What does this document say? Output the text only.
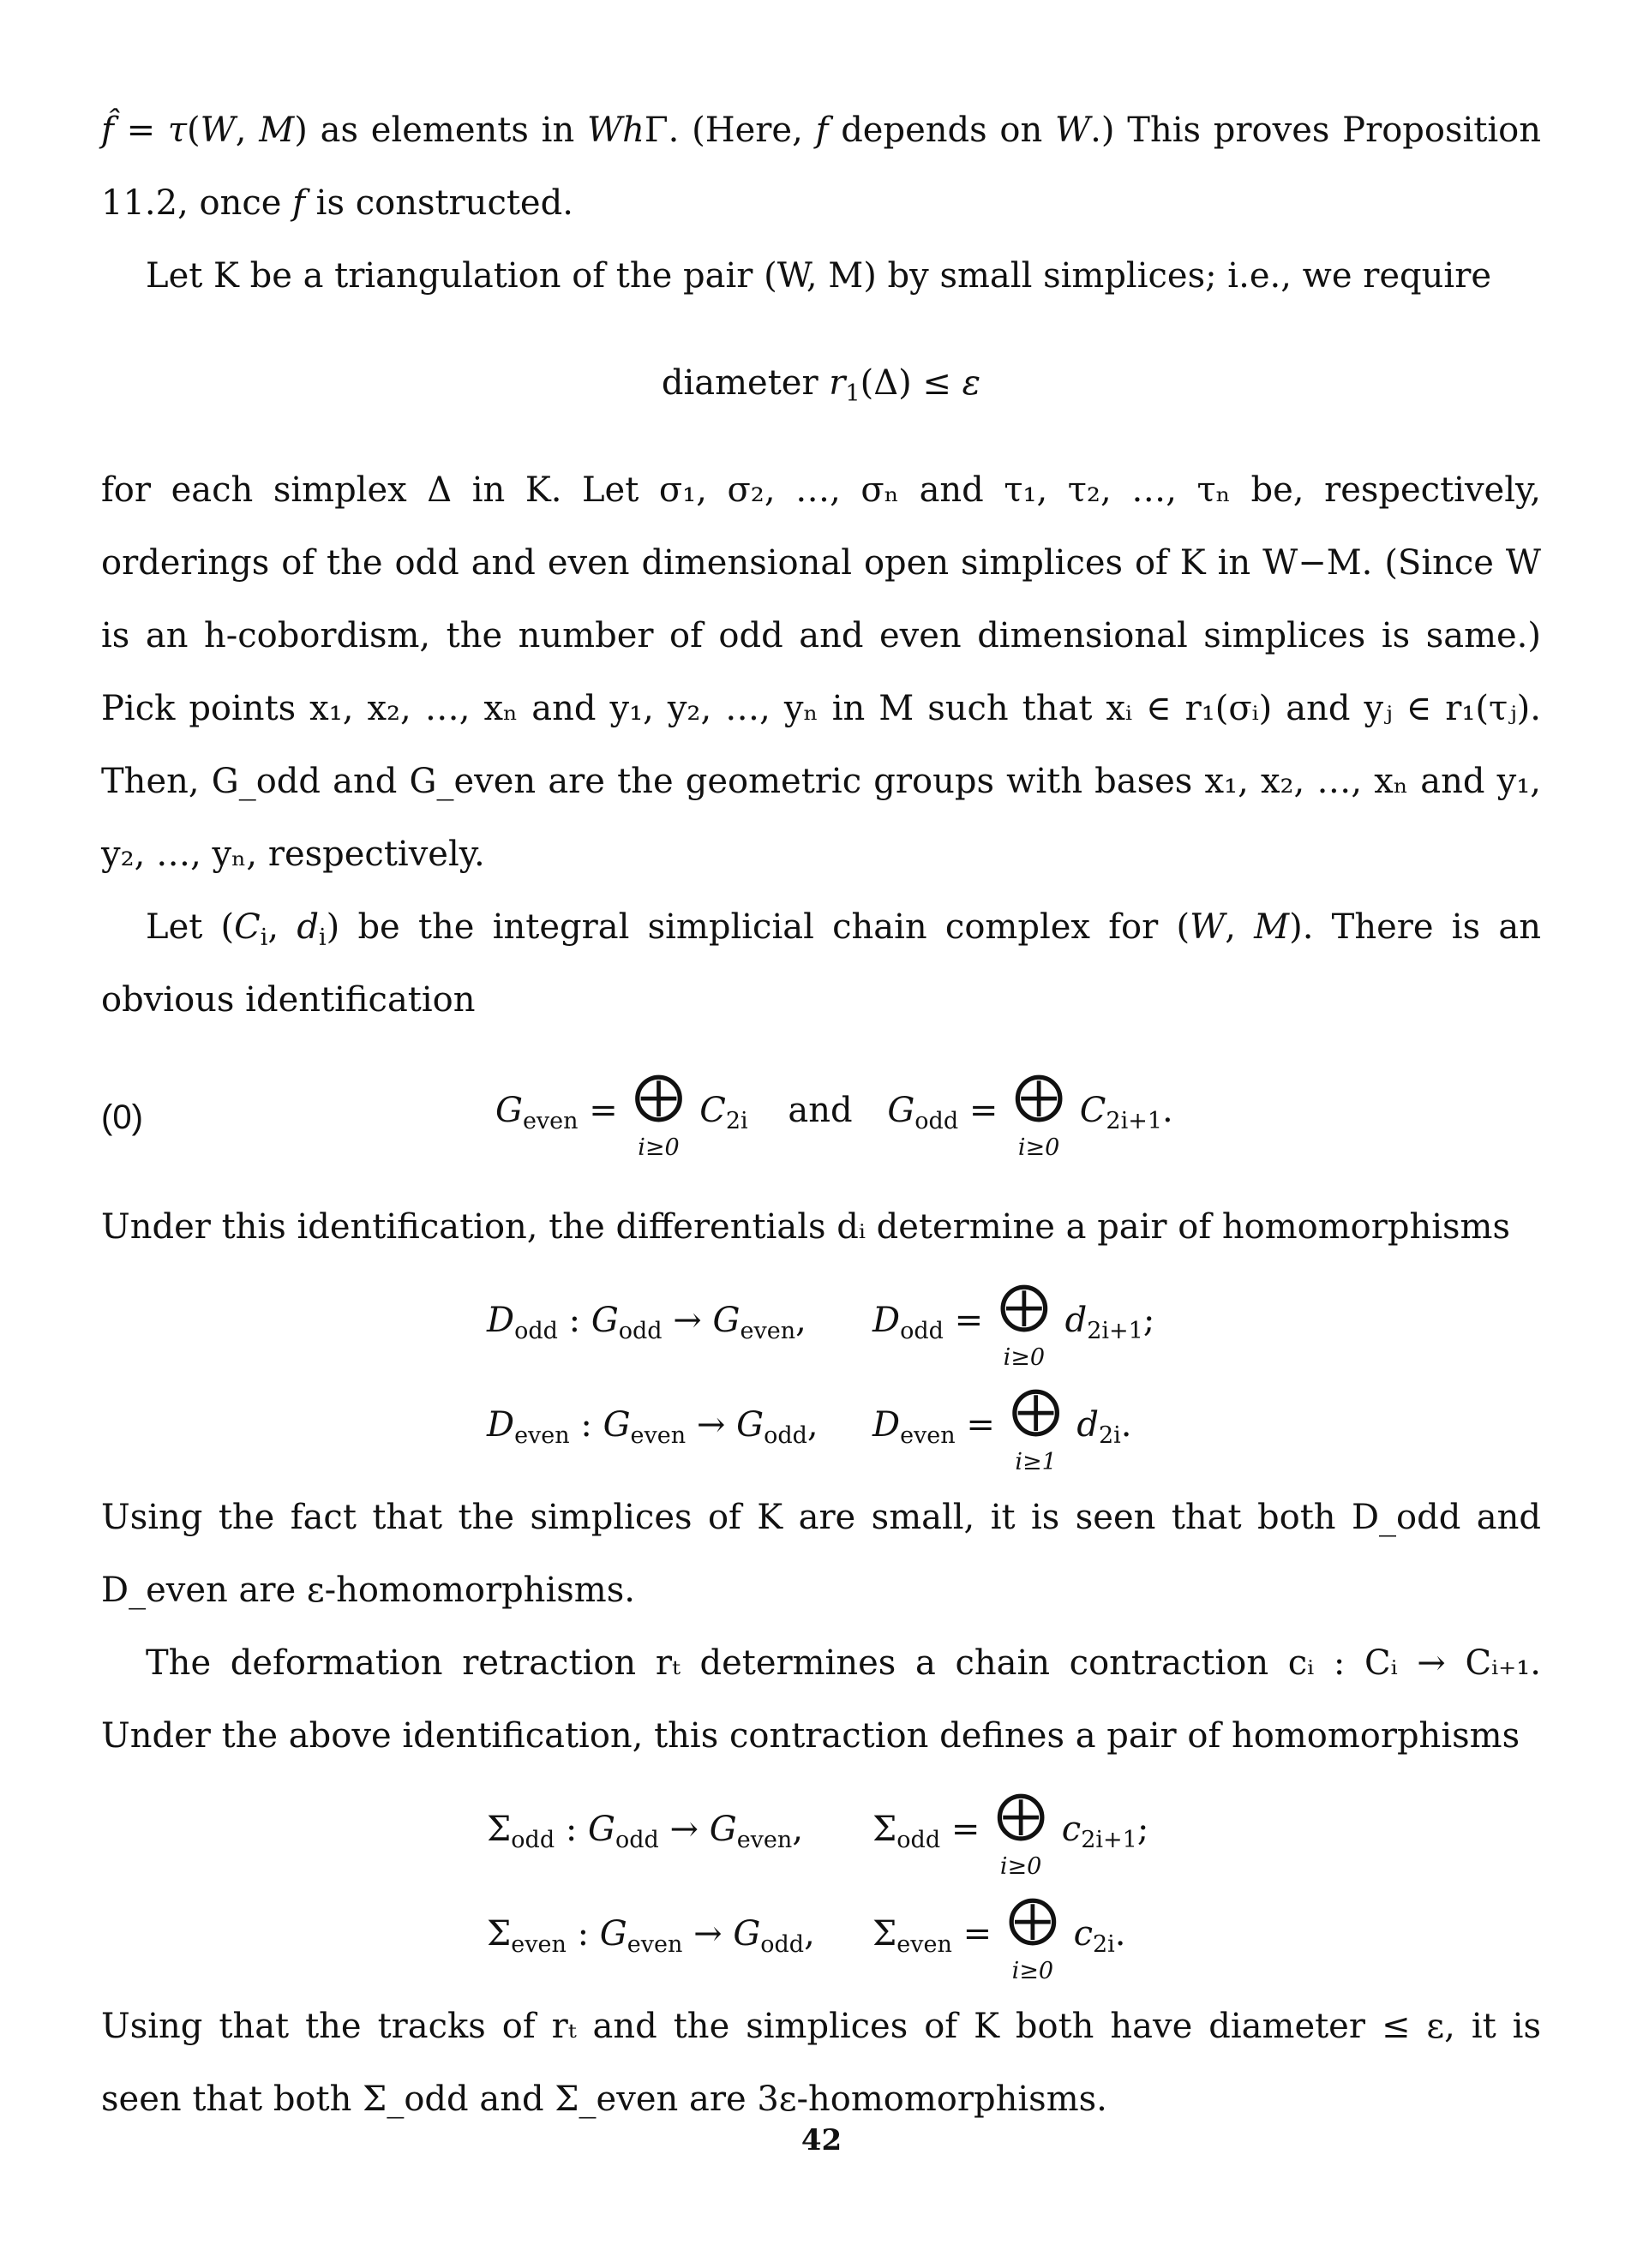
f̂ = τ(W, M) as elements in WhΓ. (Here, f depends on W.) This proves Proposition 11.2, once f is constructed.

Let K be a triangulation of the pair (W, M) by small simplices; i.e., we require

diameter $r_1(\Delta) \le \varepsilon$

for each simplex Δ in K. Let σ₁, σ₂, …, σₙ and τ₁, τ₂, …, τₙ be, respectively, orderings of the odd and even dimensional open simplices of K in W−M. (Since W is an h-cobordism, the number of odd and even dimensional simplices is same.) Pick points x₁, x₂, …, xₙ and y₁, y₂, …, yₙ in M such that xᵢ ∈ r₁(σᵢ) and yⱼ ∈ r₁(τⱼ). Then, G_odd and G_even are the geometric groups with bases x₁, x₂, …, xₙ and y₁, y₂, …, yₙ, respectively.

Let ($C_i$, $d_i$) be the integral simplicial chain complex for (W, M). There is an obvious identification

(0)	$G_{even}$ = ⨁
i≥0
$C_{2i}$ and $G_{odd}$ = ⨁
i≥0
$C_{2i+1}$.

Under this identification, the differentials dᵢ determine a pair of homomorphisms

$D_{odd}$ : $G_{odd} \to G_{even}$, $D_{odd}$ = ⨁
i≥0
$d_{2i+1}$;
$D_{even}$ : $G_{even} \to G_{odd}$, $D_{even}$ = ⨁
i≥1
$d_{2i}$.

Using the fact that the simplices of K are small, it is seen that both D_odd and D_even are ε-homomorphisms.

The deformation retraction rₜ determines a chain contraction cᵢ : Cᵢ → Cᵢ₊₁. Under the above identification, this contraction defines a pair of homomorphisms

$\Sigma_{odd}$ : $G_{odd} \to G_{even}$, $\Sigma_{odd}$ = ⨁
i≥0
$c_{2i+1}$;
$\Sigma_{even}$ : $G_{even} \to G_{odd}$, $\Sigma_{even}$ = ⨁
i≥0
$c_{2i}$.

Using that the tracks of rₜ and the simplices of K both have diameter ≤ ε, it is seen that both Σ_odd and Σ_even are 3ε-homomorphisms.

42
